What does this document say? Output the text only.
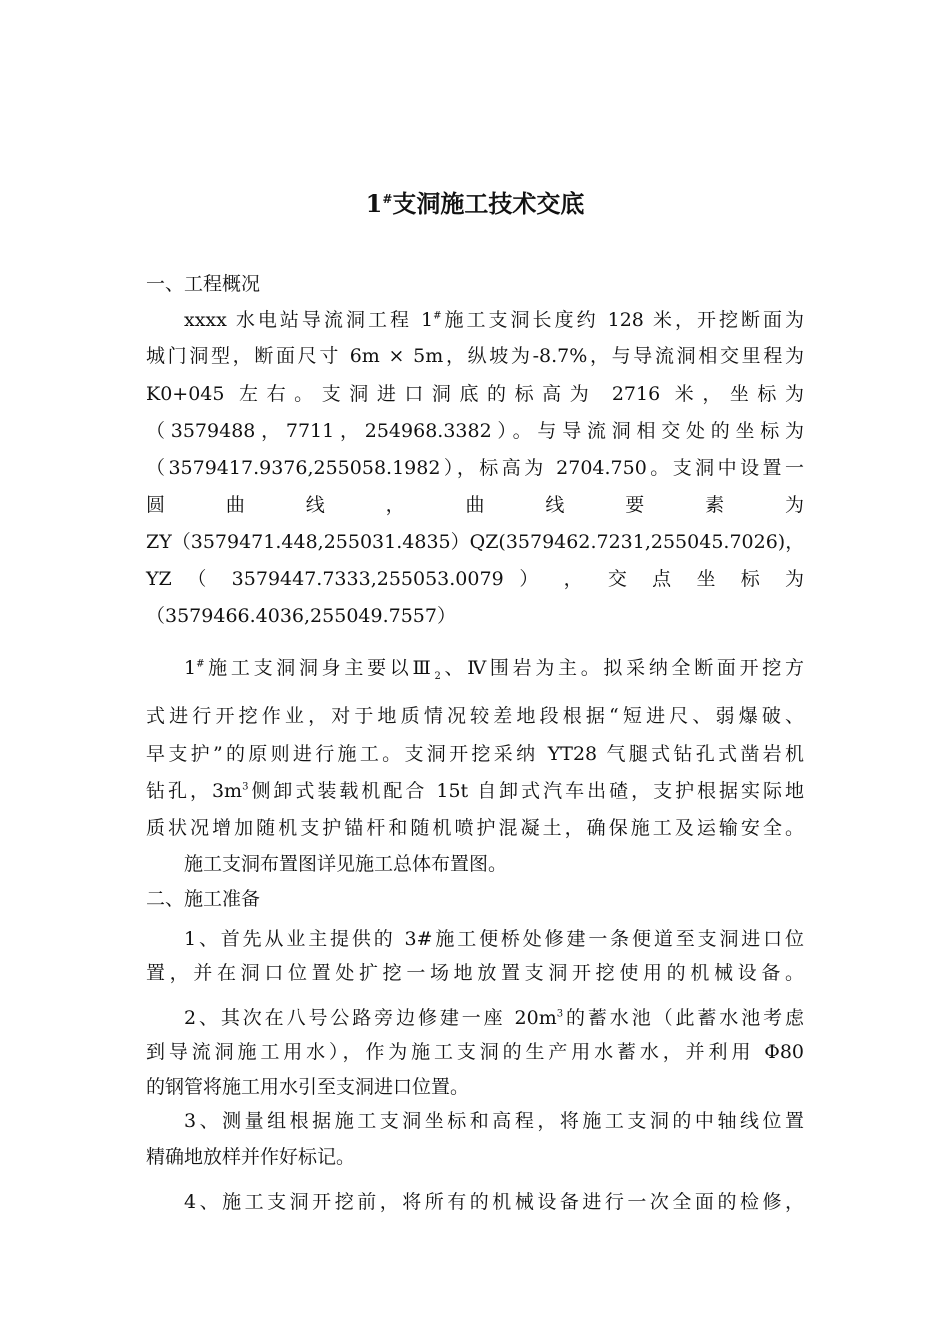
1#支洞施工技术交底
一、工程概况
xxxx 水电站导流洞工程 1#施工支洞长度约 128 米，开挖断面为
城门洞型，断面尺寸 6m × 5m，纵坡为-8.7%，与导流洞相交里程为
K0+045 左右。支洞进口洞底的标高为 2716 米，坐标为
（3579488，7711，254968.3382）。与导流洞相交处的坐标为
（3579417.9376,255058.1982），标高为 2704.750。支洞中设置一
圆 曲 线 ， 曲 线 要 素 为
ZY（3579471.448,255031.4835）QZ(3579462.7231,255045.7026)，
YZ （ 3579447.7333,255053.0079 ） ， 交 点 坐 标 为
（3579466.4036,255049.7557）
1#施工支洞洞身主要以$Ⅲ_2$、Ⅳ围岩为主。拟采纳全断面开挖方
式进行开挖作业，对于地质情况较差地段根据“短进尺、弱爆破、
早支护”的原则进行施工。支洞开挖采纳 YT28 气腿式钻孔式凿岩机
钻孔，$3m^3$侧卸式装载机配合 15t 自卸式汽车出碴，支护根据实际地
质状况增加随机支护锚杆和随机喷护混凝土，确保施工及运输安全。
施工支洞布置图详见施工总体布置图。
二、施工准备
1、首先从业主提供的 3#施工便桥处修建一条便道至支洞进口位
置，并在洞口位置处扩挖一场地放置支洞开挖使用的机械设备。
2、其次在八号公路旁边修建一座 $20m^3$的蓄水池（此蓄水池考虑
到导流洞施工用水），作为施工支洞的生产用水蓄水，并利用 Φ80
的钢管将施工用水引至支洞进口位置。
3、测量组根据施工支洞坐标和高程，将施工支洞的中轴线位置
精确地放样并作好标记。
4、施工支洞开挖前，将所有的机械设备进行一次全面的检修，
